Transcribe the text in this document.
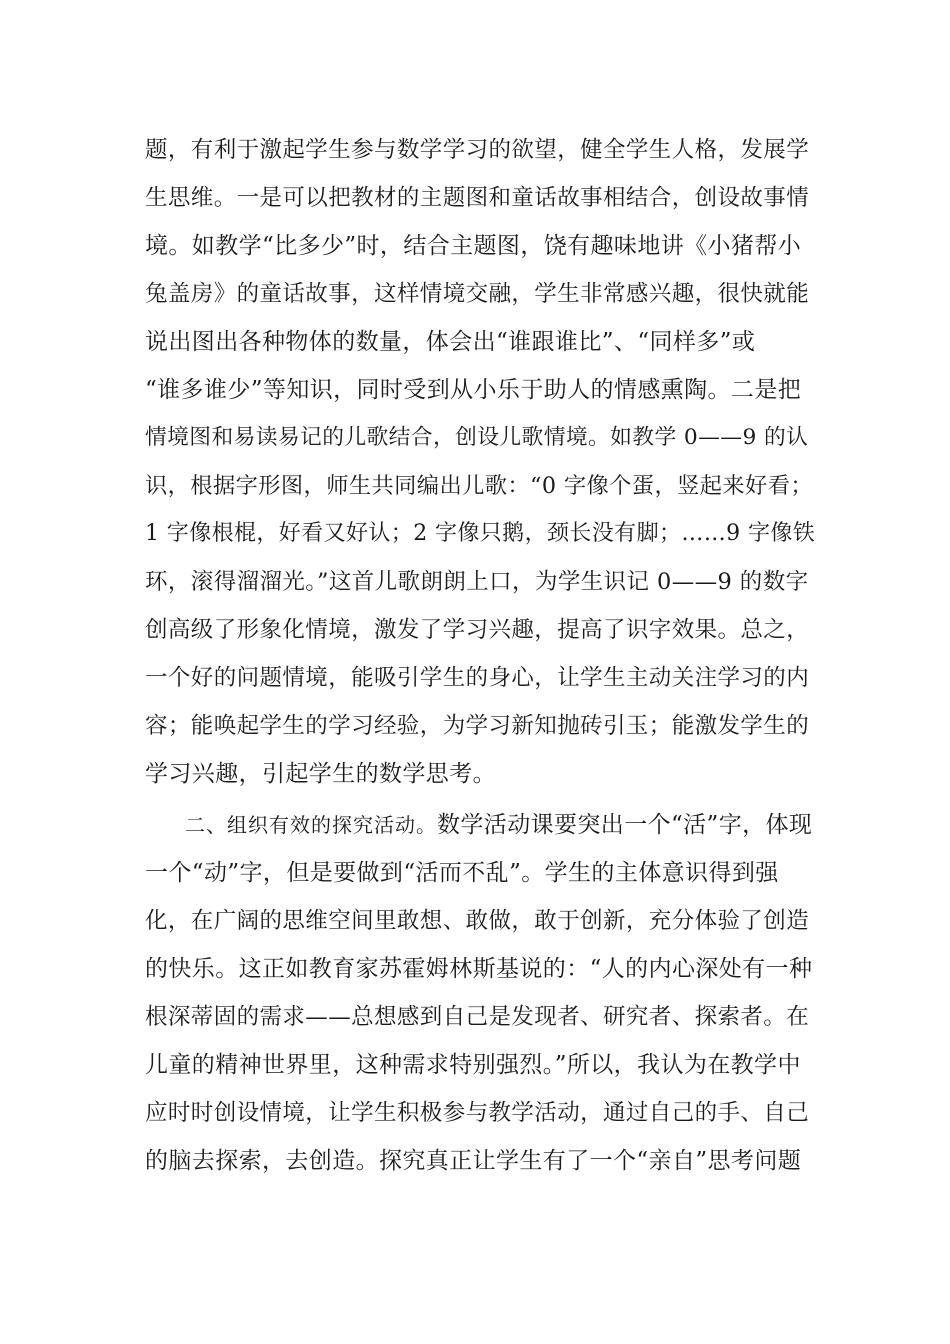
题，有利于激起学生参与数学学习的欲望，健全学生人格，发展学
生思维。一是可以把教材的主题图和童话故事相结合，创设故事情
境。如教学“比多少”时，结合主题图，饶有趣味地讲《小猪帮小
兔盖房》的童话故事，这样情境交融，学生非常感兴趣，很快就能
说出图出各种物体的数量，体会出“谁跟谁比”、“同样多”或
“谁多谁少”等知识，同时受到从小乐于助人的情感熏陶。二是把
情境图和易读易记的儿歌结合，创设儿歌情境。如教学 0——9 的认
识，根据字形图，师生共同编出儿歌：“0 字像个蛋，竖起来好看；
1 字像根棍，好看又好认；2 字像只鹅，颈长没有脚；……9 字像铁
环，滚得溜溜光。”这首儿歌朗朗上口，为学生识记 0——9 的数字
创高级了形象化情境，激发了学习兴趣，提高了识字效果。总之，
一个好的问题情境，能吸引学生的身心，让学生主动关注学习的内
容；能唤起学生的学习经验，为学习新知抛砖引玉；能激发学生的
学习兴趣，引起学生的数学思考。
二、组织有效的探究活动。数学活动课要突出一个“活”字，体现
一个“动”字，但是要做到“活而不乱”。学生的主体意识得到强
化，在广阔的思维空间里敢想、敢做，敢于创新，充分体验了创造
的快乐。这正如教育家苏霍姆林斯基说的：“人的内心深处有一种
根深蒂固的需求——总想感到自己是发现者、研究者、探索者。在
儿童的精神世界里，这种需求特别强烈。”所以，我认为在教学中
应时时创设情境，让学生积极参与教学活动，通过自己的手、自己
的脑去探索，去创造。探究真正让学生有了一个“亲自”思考问题
